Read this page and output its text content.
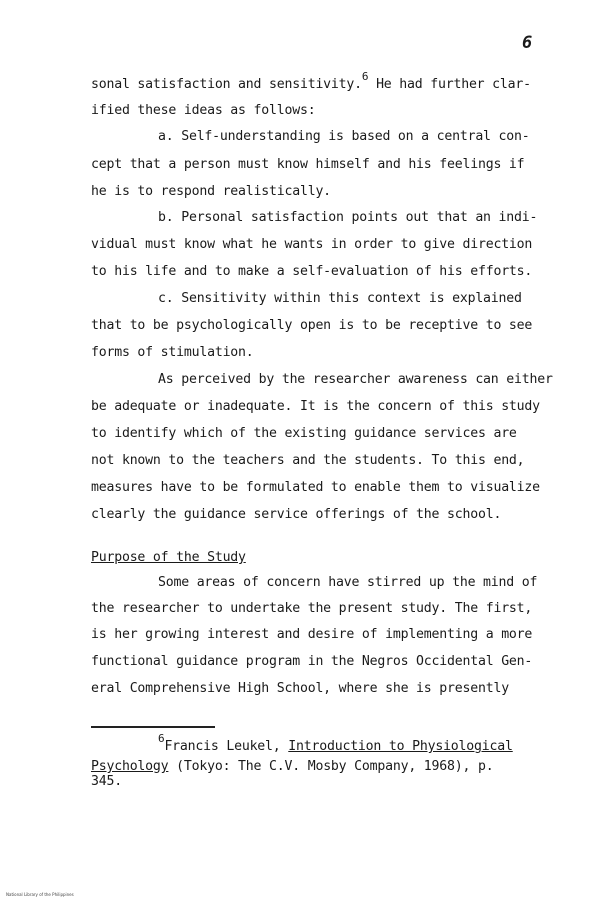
6
sonal satisfaction and sensitivity.$^6$ He had further clar-
ified these ideas as follows:
a. Self-understanding is based on a central con-
cept that a person must know himself and his feelings if
he is to respond realistically.
b. Personal satisfaction points out that an indi-
vidual must know what he wants in order to give direction
to his life and to make a self-evaluation of his efforts.
c. Sensitivity within this context is explained
that to be psychologically open is to be receptive to see
forms of stimulation.
As perceived by the researcher awareness can either
be adequate or inadequate. It is the concern of this study
to identify which of the existing guidance services are
not known to the teachers and the students. To this end,
measures have to be formulated to enable them to visualize
clearly the guidance service offerings of the school.
Purpose of the Study
Some areas of concern have stirred up the mind of
the researcher to undertake the present study. The first,
is her growing interest and desire of implementing a more
functional guidance program in the Negros Occidental Gen-
eral Comprehensive High School, where she is presently
$^6$Francis Leukel, Introduction to Physiological
Psychology (Tokyo: The C.V. Mosby Company, 1968), p.
345.
National Library of the Philippines
